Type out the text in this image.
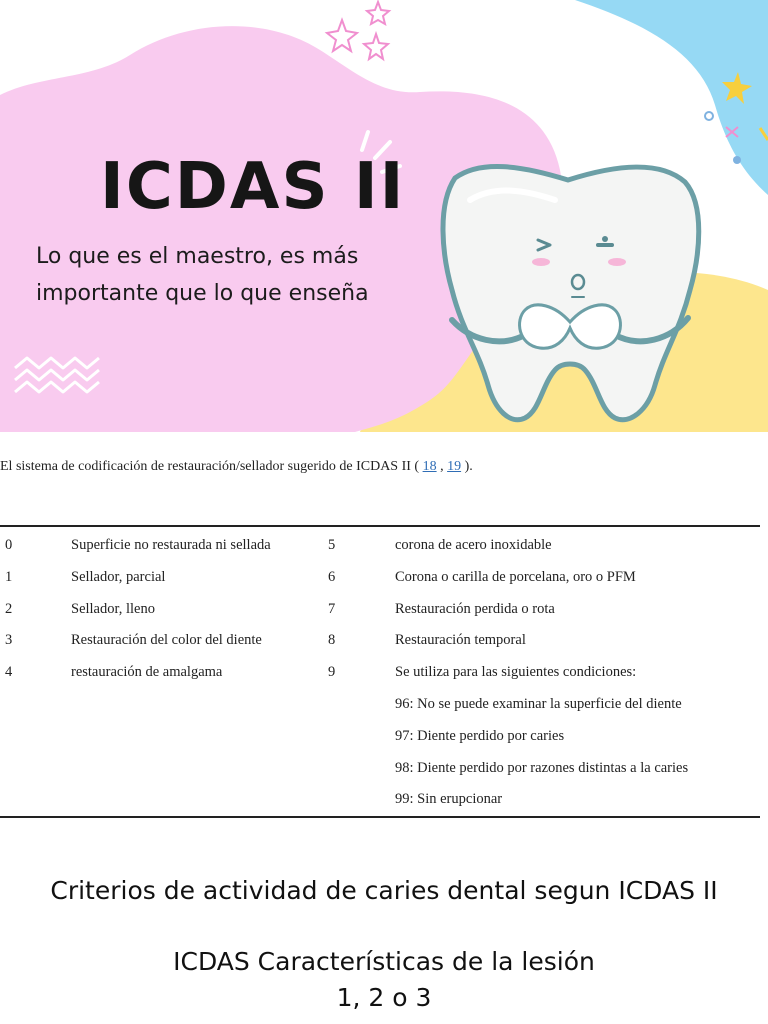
ICDAS II

Lo que es el maestro, es más importante que lo que enseña

El sistema de codificación de restauración/sellador sugerido de ICDAS II ( 18 , 19 ).
0	Superficie no restaurada ni sellada	5	corona de acero inoxidable
1	Sellador, parcial	6	Corona o carilla de porcelana, oro o PFM
2	Sellador, lleno	7	Restauración perdida o rota
3	Restauración del color del diente	8	Restauración temporal
4	restauración de amalgama	9	Se utiliza para las siguientes condiciones:
96: No se puede examinar la superficie del diente
97: Diente perdido por caries
98: Diente perdido por razones distintas a la caries
99: Sin erupcionar
Criterios de actividad de caries dental segun ICDAS II
ICDAS Características de la lesión
1, 2 o 3
